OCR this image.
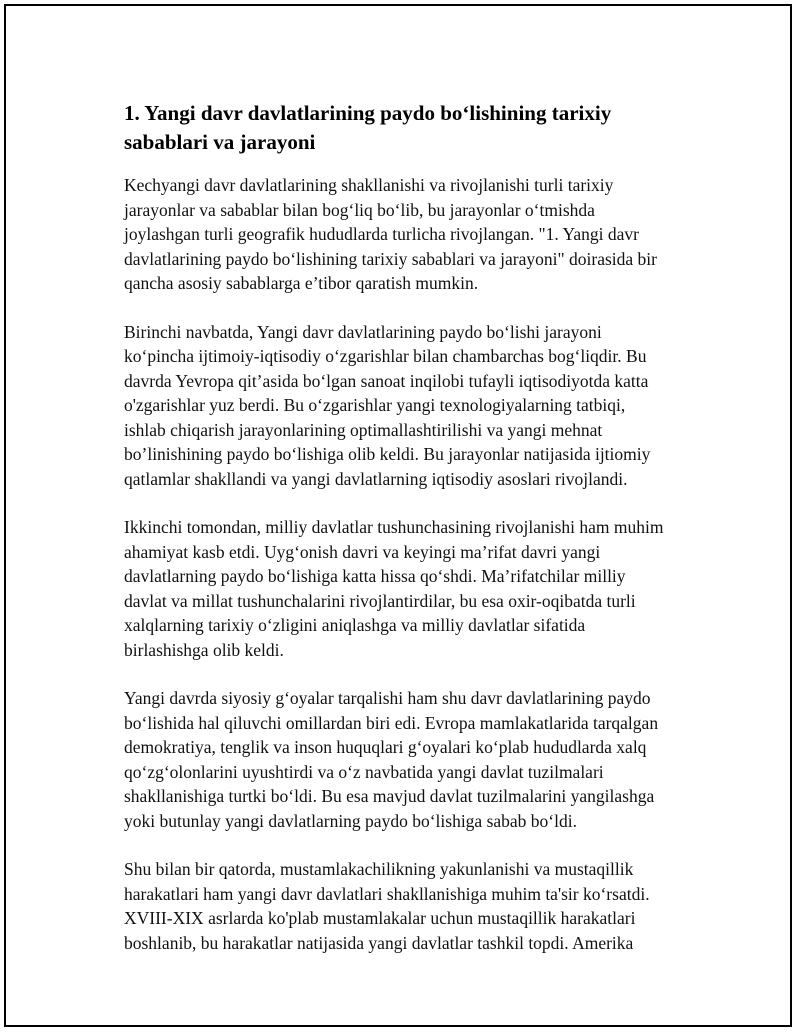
1. Yangi davr davlatlarining paydo bo‘lishining tarixiy
sabablari va jarayoni

Kechyangi davr davlatlarining shakllanishi va rivojlanishi turli tarixiy
jarayonlar va sabablar bilan bog‘liq bo‘lib, bu jarayonlar o‘tmishda
joylashgan turli geografik hududlarda turlicha rivojlangan. "1. Yangi davr
davlatlarining paydo bo‘lishining tarixiy sabablari va jarayoni" doirasida bir
qancha asosiy sabablarga e’tibor qaratish mumkin.

Birinchi navbatda, Yangi davr davlatlarining paydo bo‘lishi jarayoni
ko‘pincha ijtimoiy-iqtisodiy o‘zgarishlar bilan chambarchas bog‘liqdir. Bu
davrda Yevropa qit’asida bo‘lgan sanoat inqilobi tufayli iqtisodiyotda katta
o'zgarishlar yuz berdi. Bu o‘zgarishlar yangi texnologiyalarning tatbiqi,
ishlab chiqarish jarayonlarining optimallashtirilishi va yangi mehnat
bo’linishining paydo bo‘lishiga olib keldi. Bu jarayonlar natijasida ijtiomiy
qatlamlar shakllandi va yangi davlatlarning iqtisodiy asoslari rivojlandi.

Ikkinchi tomondan, milliy davlatlar tushunchasining rivojlanishi ham muhim
ahamiyat kasb etdi. Uyg‘onish davri va keyingi ma’rifat davri yangi
davlatlarning paydo bo‘lishiga katta hissa qo‘shdi. Ma’rifatchilar milliy
davlat va millat tushunchalarini rivojlantirdilar, bu esa oxir-oqibatda turli
xalqlarning tarixiy o‘zligini aniqlashga va milliy davlatlar sifatida
birlashishga olib keldi.

Yangi davrda siyosiy g‘oyalar tarqalishi ham shu davr davlatlarining paydo
bo‘lishida hal qiluvchi omillardan biri edi. Evropa mamlakatlarida tarqalgan
demokratiya, tenglik va inson huquqlari g‘oyalari ko‘plab hududlarda xalq
qo‘zg‘olonlarini uyushtirdi va o‘z navbatida yangi davlat tuzilmalari
shakllanishiga turtki bo‘ldi. Bu esa mavjud davlat tuzilmalarini yangilashga
yoki butunlay yangi davlatlarning paydo bo‘lishiga sabab bo‘ldi.

Shu bilan bir qatorda, mustamlakachilikning yakunlanishi va mustaqillik
harakatlari ham yangi davr davlatlari shakllanishiga muhim ta'sir ko‘rsatdi.
XVIII-XIX asrlarda ko'plab mustamlakalar uchun mustaqillik harakatlari
boshlanib, bu harakatlar natijasida yangi davlatlar tashkil topdi. Amerika
